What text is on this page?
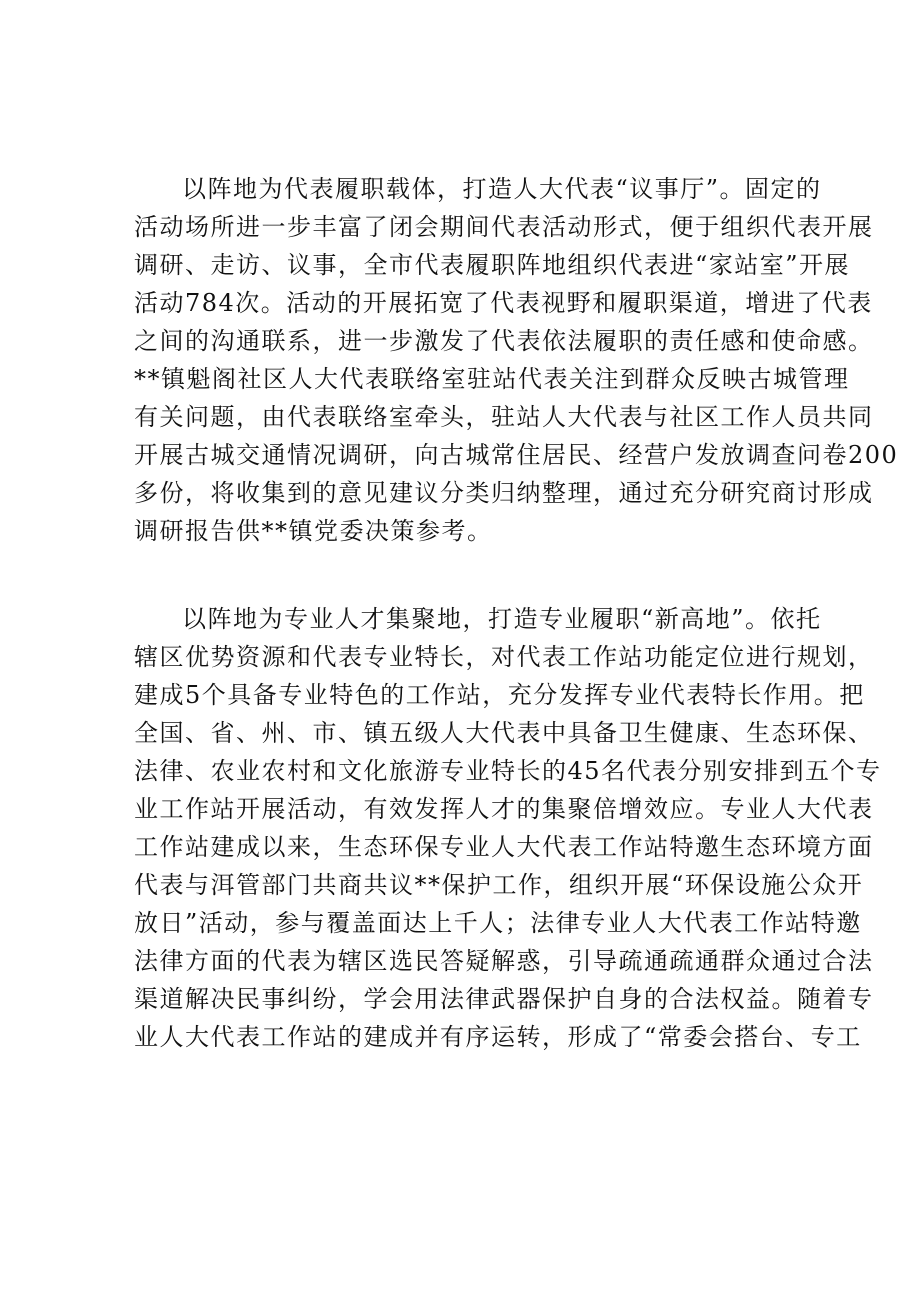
以阵地为代表履职载体，打造人大代表“议事厅”。固定的
活动场所进一步丰富了闭会期间代表活动形式，便于组织代表开展
调研、走访、议事，全市代表履职阵地组织代表进“家站室”开展
活动784次。活动的开展拓宽了代表视野和履职渠道，增进了代表
之间的沟通联系，进一步激发了代表依法履职的责任感和使命感。
**镇魁阁社区人大代表联络室驻站代表关注到群众反映古城管理
有关问题，由代表联络室牵头，驻站人大代表与社区工作人员共同
开展古城交通情况调研，向古城常住居民、经营户发放调查问卷200
多份，将收集到的意见建议分类归纳整理，通过充分研究商讨形成
调研报告供**镇党委决策参考。
以阵地为专业人才集聚地，打造专业履职“新高地”。依托
辖区优势资源和代表专业特长，对代表工作站功能定位进行规划，
建成5个具备专业特色的工作站，充分发挥专业代表特长作用。把
全国、省、州、市、镇五级人大代表中具备卫生健康、生态环保、
法律、农业农村和文化旅游专业特长的45名代表分别安排到五个专
业工作站开展活动，有效发挥人才的集聚倍增效应。专业人大代表
工作站建成以来，生态环保专业人大代表工作站特邀生态环境方面
代表与洱管部门共商共议**保护工作，组织开展“环保设施公众开
放日”活动，参与覆盖面达上千人；法律专业人大代表工作站特邀
法律方面的代表为辖区选民答疑解惑，引导疏通疏通群众通过合法
渠道解决民事纠纷，学会用法律武器保护自身的合法权益。随着专
业人大代表工作站的建成并有序运转，形成了“常委会搭台、专工
